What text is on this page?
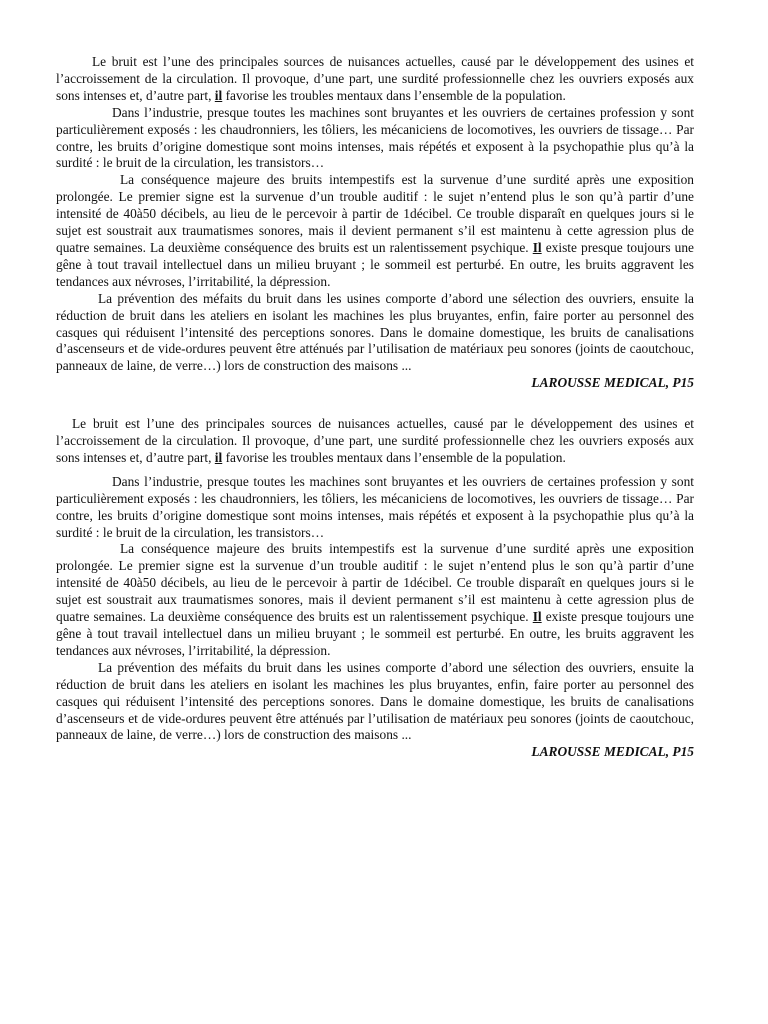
Le bruit est l’une des principales sources de nuisances actuelles, causé par le développement des usines et l’accroissement de la circulation. Il provoque, d’une part, une surdité professionnelle chez les ouvriers exposés aux sons intenses et, d’autre part, il favorise les troubles mentaux dans l’ensemble de la population.

Dans l’industrie, presque toutes les machines sont bruyantes et les ouvriers de certaines profession y sont particulièrement exposés : les chaudronniers, les tôliers, les mécaniciens de locomotives, les ouvriers de tissage… Par contre, les bruits d’origine domestique sont moins intenses, mais répétés et exposent à la psychopathie plus qu’à la surdité : le bruit de la circulation, les transistors…

La conséquence majeure des bruits intempestifs est la survenue d’une surdité après une exposition prolongée. Le premier signe est la survenue d’un trouble auditif : le sujet n’entend plus le son qu’à partir d’une intensité de 40à50 décibels, au lieu de le percevoir à partir de 1décibel. Ce trouble disparaît en quelques jours si le sujet est soustrait aux traumatismes sonores, mais il devient permanent s’il est maintenu à cette agression plus de quatre semaines. La deuxième conséquence des bruits est un ralentissement psychique. Il existe presque toujours une gêne à tout travail intellectuel dans un milieu bruyant ; le sommeil est perturbé. En outre, les bruits aggravent les tendances aux névroses, l’irritabilité, la dépression.

La prévention des méfaits du bruit dans les usines comporte d’abord une sélection des ouvriers, ensuite la réduction de bruit dans les ateliers en isolant les machines les plus bruyantes, enfin, faire porter au personnel des casques qui réduisent l’intensité des perceptions sonores. Dans le domaine domestique, les bruits de canalisations d’ascenseurs et de vide-ordures peuvent être atténués par l’utilisation de matériaux peu sonores (joints de caoutchouc, panneaux de laine, de verre…) lors de construction des maisons ...

LAROUSSE MEDICAL, P15

Le bruit est l’une des principales sources de nuisances actuelles, causé par le développement des usines et l’accroissement de la circulation. Il provoque, d’une part, une surdité professionnelle chez les ouvriers exposés aux sons intenses et, d’autre part, il favorise les troubles mentaux dans l’ensemble de la population.

Dans l’industrie, presque toutes les machines sont bruyantes et les ouvriers de certaines profession y sont particulièrement exposés : les chaudronniers, les tôliers, les mécaniciens de locomotives, les ouvriers de tissage… Par contre, les bruits d’origine domestique sont moins intenses, mais répétés et exposent à la psychopathie plus qu’à la surdité : le bruit de la circulation, les transistors…

La conséquence majeure des bruits intempestifs est la survenue d’une surdité après une exposition prolongée. Le premier signe est la survenue d’un trouble auditif : le sujet n’entend plus le son qu’à partir d’une intensité de 40à50 décibels, au lieu de le percevoir à partir de 1décibel. Ce trouble disparaît en quelques jours si le sujet est soustrait aux traumatismes sonores, mais il devient permanent s’il est maintenu à cette agression plus de quatre semaines. La deuxième conséquence des bruits est un ralentissement psychique. Il existe presque toujours une gêne à tout travail intellectuel dans un milieu bruyant ; le sommeil est perturbé. En outre, les bruits aggravent les tendances aux névroses, l’irritabilité, la dépression.

La prévention des méfaits du bruit dans les usines comporte d’abord une sélection des ouvriers, ensuite la réduction de bruit dans les ateliers en isolant les machines les plus bruyantes, enfin, faire porter au personnel des casques qui réduisent l’intensité des perceptions sonores. Dans le domaine domestique, les bruits de canalisations d’ascenseurs et de vide-ordures peuvent être atténués par l’utilisation de matériaux peu sonores (joints de caoutchouc, panneaux de laine, de verre…) lors de construction des maisons ...

LAROUSSE MEDICAL, P15
